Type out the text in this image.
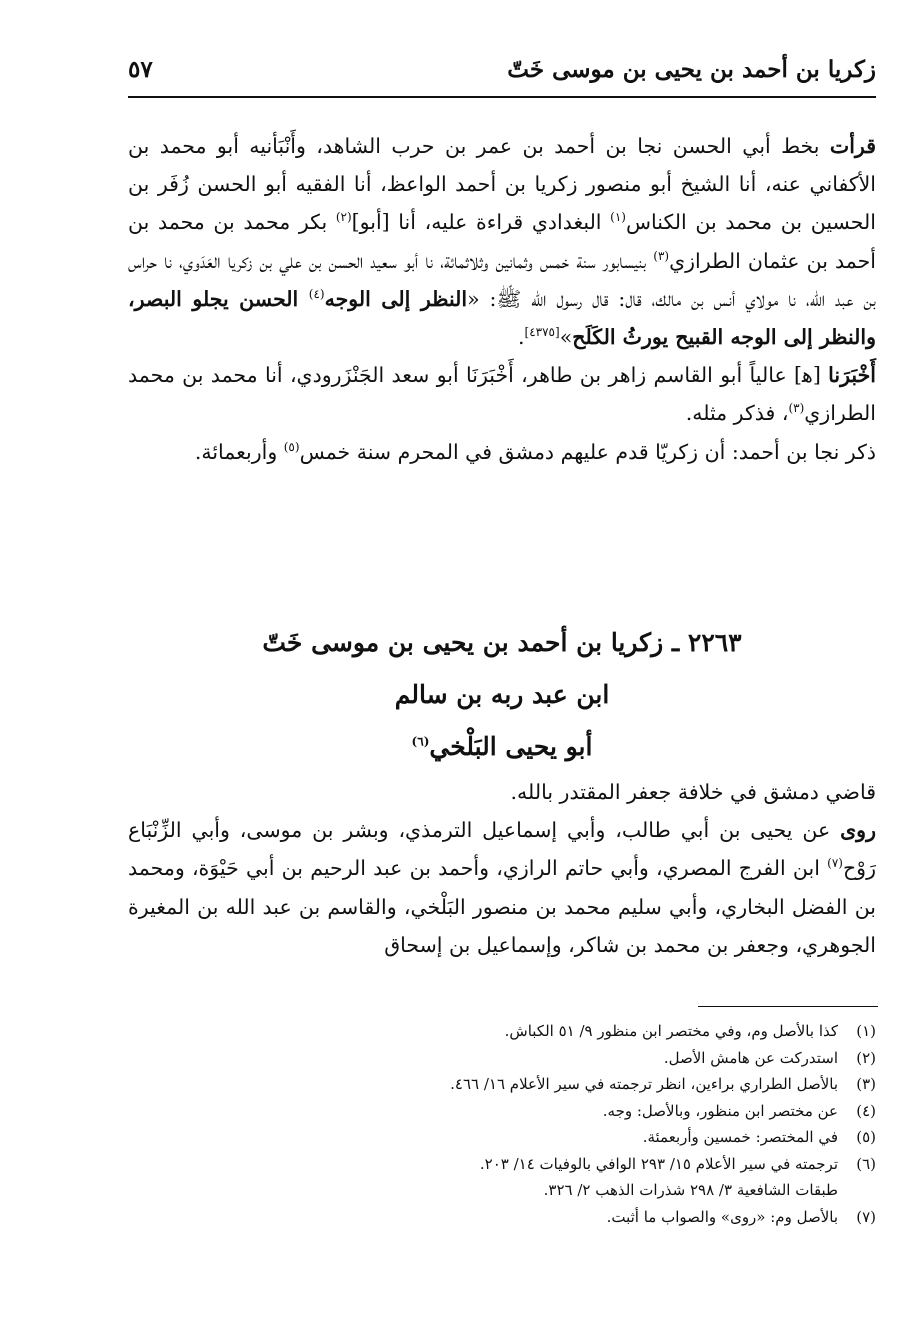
زكريا بن أحمد بن يحيى بن موسى خَتّ
٥٧

قرأت بخط أبي الحسن نجا بن أحمد بن عمر بن حرب الشاهد، وأَنْبَأنيه أبو محمد بن الأكفاني عنه، أنا الشيخ أبو منصور زكريا بن أحمد الواعظ، أنا الفقيه أبو الحسن زُفَر بن الحسين بن محمد بن الكناس$^{(١)}$ البغدادي قراءة عليه، أنا [أبو]$^{(٢)}$ بكر محمد بن محمد بن أحمد بن عثمان الطرازي$^{(٣)}$ بنيسابور سنة خمس وثمانين وثلاثمائة، نا أبو سعيد الحسن بن علي بن زكريا العَدَوي، نا حراس بن عبد الله، نا مولاي أنس بن مالك، قال: قال رسول الله ﷺ: «النظر إلى الوجه$^{(٤)}$ الحسن يجلو البصر، والنظر إلى الوجه القبيح يورثُ الكَلَح»[٤٣٧٥].

أَخْبَرَنا [ه‍] عالياً أبو القاسم زاهر بن طاهر، أَخْبَرَنَا أبو سعد الجَنْزَرودي، أنا محمد بن محمد الطرازي$^{(٣)}$، فذكر مثله.

ذكر نجا بن أحمد: أن زكريّا قدم عليهم دمشق في المحرم سنة خمس$^{(٥)}$ وأربعمائة.

٢٢٦٣ ـ زكريا بن أحمد بن يحيى بن موسى خَتّ
ابن عبد ربه بن سالم
أبو يحيى البَلْخي$^{(٦)}$

قاضي دمشق في خلافة جعفر المقتدر بالله.

روى عن يحيى بن أبي طالب، وأبي إسماعيل الترمذي، وبشر بن موسى، وأبي الزِّنْبَاع رَوْح$^{(٧)}$ ابن الفرج المصري، وأبي حاتم الرازي، وأحمد بن عبد الرحيم بن أبي حَيْوَة، ومحمد بن الفضل البخاري، وأبي سليم محمد بن منصور البَلْخي، والقاسم بن عبد الله بن المغيرة الجوهري، وجعفر بن محمد بن شاكر، وإسماعيل بن إسحاق

(١)
كذا بالأصل وم، وفي مختصر ابن منظور ٩/ ٥١ الكباش.
(٢)
استدركت عن هامش الأصل.
(٣)
بالأصل الطراري براءين، انظر ترجمته في سير الأعلام ١٦/ ٤٦٦.
(٤)
عن مختصر ابن منظور، وبالأصل: وجه.
(٥)
في المختصر: خمسين وأربعمئة.
(٦)
ترجمته في سير الأعلام ١٥/ ٢٩٣ الوافي بالوفيات ١٤/ ٢٠٣.
طبقات الشافعية ٣/ ٢٩٨ شذرات الذهب ٢/ ٣٢٦.
(٧)
بالأصل وم: «روى» والصواب ما أثبت.
